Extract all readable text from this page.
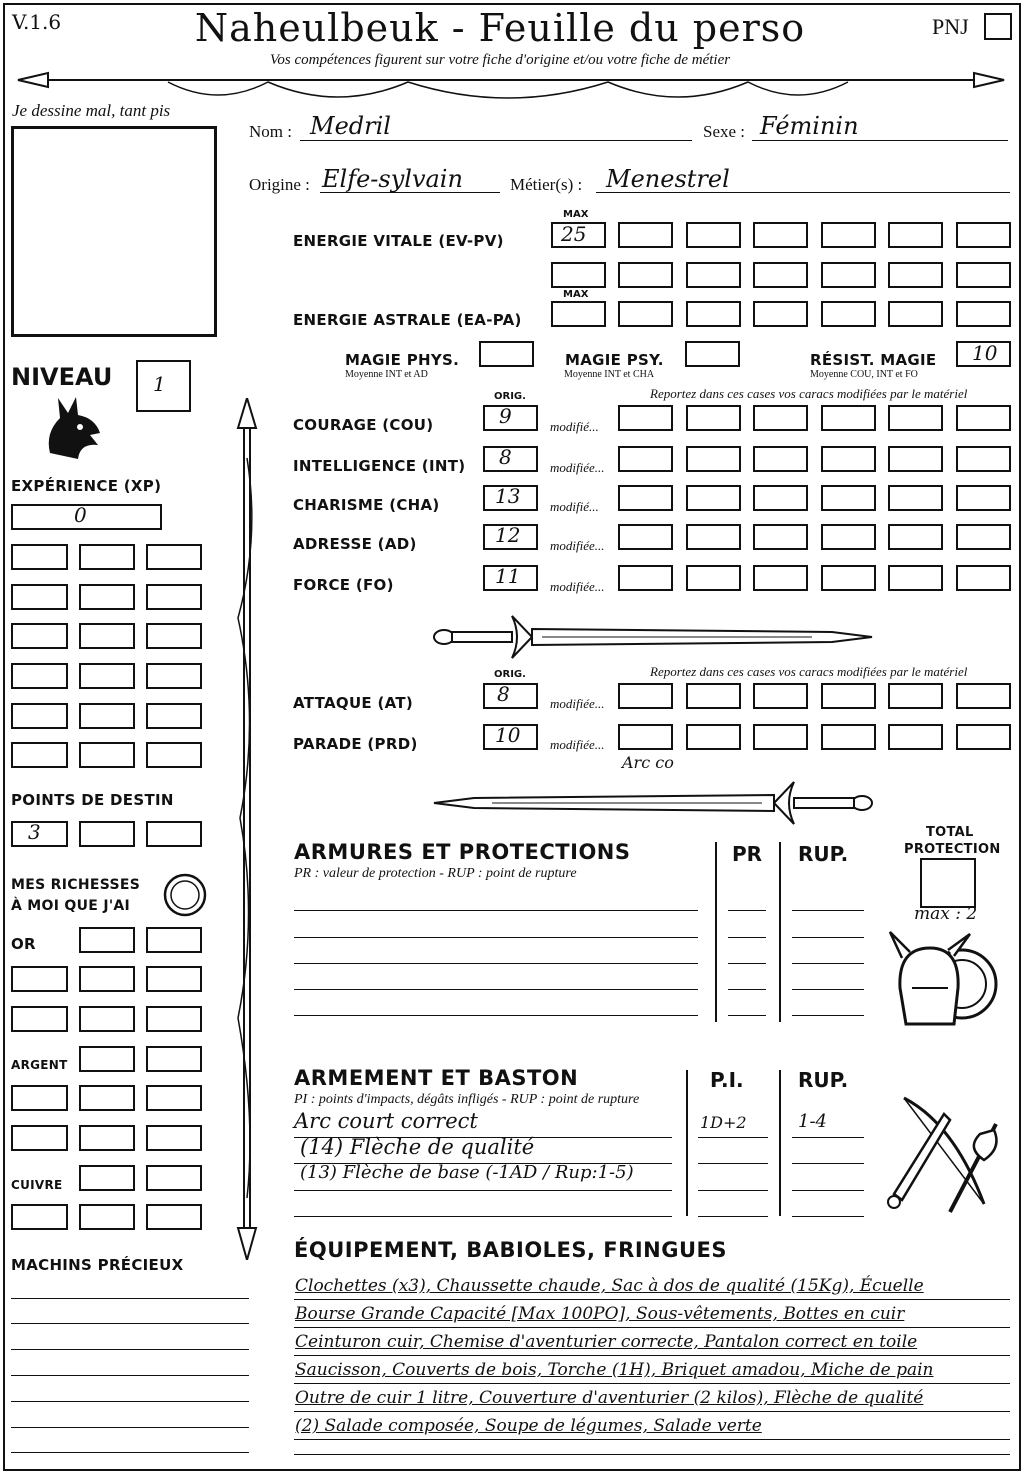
V.1.6	Naheulbeuk - Feuille du perso
Vos compétences figurent sur votre fiche d'origine et/ou votre fiche de métier
PNJ
Je dessine mal, tant pis
Nom : Medril	Sexe : Féminin
Origine : Elfe-sylvain	Métier(s) : Menestrel
MAX
ENERGIE VITALE (EV-PV)	25
MAX
ENERGIE ASTRALE (EA-PA)
MAGIE PHYS.
Moyenne INT et AD
MAGIE PSY.
Moyenne INT et CHA
RÉSIST. MAGIE
Moyenne COU, INT et FO
10
ORIG.	Reportez dans ces cases vos caracs modifiées par le matériel
ORIG.	Reportez dans ces cases vos caracs modifiées par le matériel
ATTAQUE (AT)	8	modifiée...
PARADE (PRD)	10 modifiée...
Arc co
NIVEAU 1
EXPÉRIENCE (XP)
0
POINTS DE DESTIN
3
MES RICHESSES
À MOI QUE J'AI
OR
ARGENT
CUIVRE
MACHINS PRÉCIEUX
ARMURES ET PROTECTIONS
PR : valeur de protection - RUP : point de rupture
PR RUP.
TOTAL
PROTECTION
max : 2
ARMEMENT ET BASTON
PI : points d'impacts, dégâts infligés - RUP : point de rupture
P.I.	RUP.
ÉQUIPEMENT, BABIOLES, FRINGUES
COURAGE (COU)	9	modifié...
INTELLIGENCE (INT) 8	modifiée...
CHARISME (CHA)	13 modifié...
ADRESSE (AD)	12 modifiée...
FORCE (FO)	11 modifiée...
Arc court correct	1D+2	1-4
(14) Flèche de qualité
(13) Flèche de base (-1AD / Rup:1-5)
Clochettes (x3), Chaussette chaude, Sac à dos de qualité (15Kg), Écuelle
Bourse Grande Capacité [Max 100PO], Sous-vêtements, Bottes en cuir
Ceinturon cuir, Chemise d'aventurier correcte, Pantalon correct en toile
Saucisson, Couverts de bois, Torche (1H), Briquet amadou, Miche de pain
Outre de cuir 1 litre, Couverture d'aventurier (2 kilos), Flèche de qualité
(2) Salade composée, Soupe de légumes, Salade verte
